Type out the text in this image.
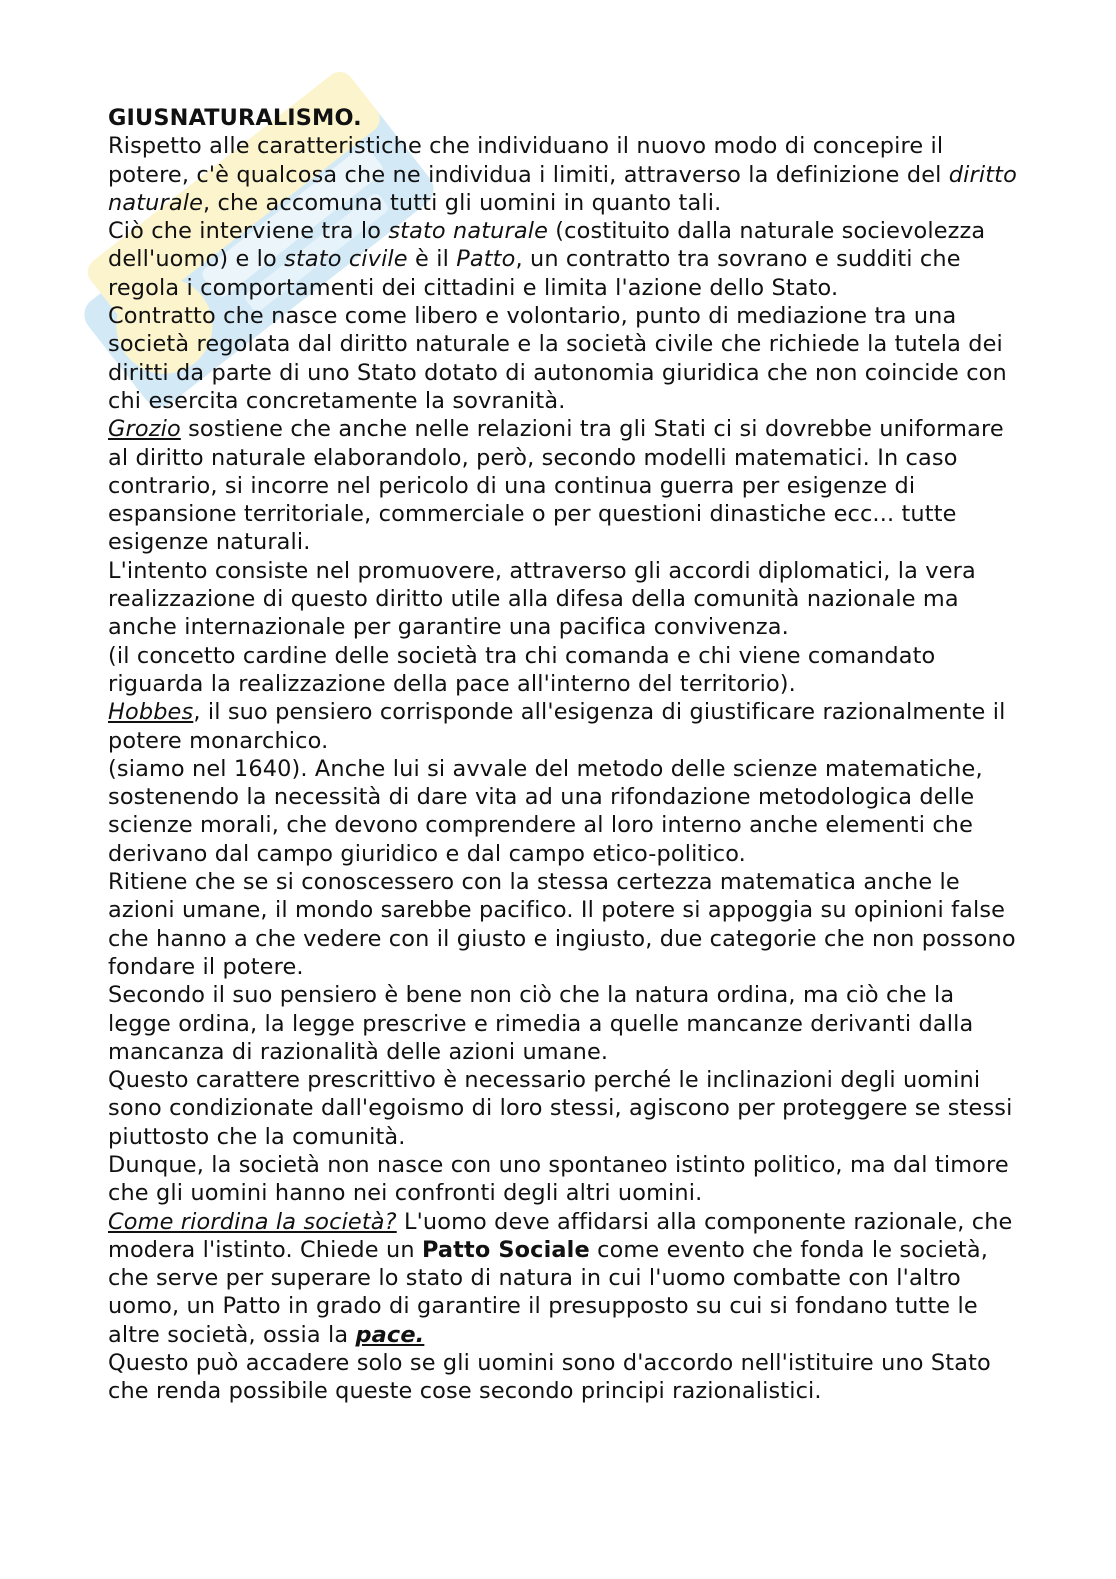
GIUSNATURALISMO.

Rispetto alle caratteristiche che individuano il nuovo modo di concepire il potere, c'è qualcosa che ne individua i limiti, attraverso la definizione del diritto naturale, che accomuna tutti gli uomini in quanto tali.

Ciò che interviene tra lo stato naturale (costituito dalla naturale socievolezza dell'uomo) e lo stato civile è il Patto, un contratto tra sovrano e sudditi che regola i comportamenti dei cittadini e limita l'azione dello Stato.

Contratto che nasce come libero e volontario, punto di mediazione tra una società regolata dal diritto naturale e la società civile che richiede la tutela dei diritti da parte di uno Stato dotato di autonomia giuridica che non coincide con chi esercita concretamente la sovranità.

Grozio sostiene che anche nelle relazioni tra gli Stati ci si dovrebbe uniformare al diritto naturale elaborandolo, però, secondo modelli matematici. In caso contrario, si incorre nel pericolo di una continua guerra per esigenze di espansione territoriale, commerciale o per questioni dinastiche ecc... tutte esigenze naturali.

L'intento consiste nel promuovere, attraverso gli accordi diplomatici, la vera realizzazione di questo diritto utile alla difesa della comunità nazionale ma anche internazionale per garantire una pacifica convivenza.

(il concetto cardine delle società tra chi comanda e chi viene comandato riguarda la realizzazione della pace all'interno del territorio).

Hobbes, il suo pensiero corrisponde all'esigenza di giustificare razionalmente il potere monarchico.

(siamo nel 1640). Anche lui si avvale del metodo delle scienze matematiche, sostenendo la necessità di dare vita ad una rifondazione metodologica delle scienze morali, che devono comprendere al loro interno anche elementi che derivano dal campo giuridico e dal campo etico-politico.

Ritiene che se si conoscessero con la stessa certezza matematica anche le azioni umane, il mondo sarebbe pacifico. Il potere si appoggia su opinioni false che hanno a che vedere con il giusto e ingiusto, due categorie che non possono fondare il potere.

Secondo il suo pensiero è bene non ciò che la natura ordina, ma ciò che la legge ordina, la legge prescrive e rimedia a quelle mancanze derivanti dalla mancanza di razionalità delle azioni umane.

Questo carattere prescrittivo è necessario perché le inclinazioni degli uomini sono condizionate dall'egoismo di loro stessi, agiscono per proteggere se stessi piuttosto che la comunità.

Dunque, la società non nasce con uno spontaneo istinto politico, ma dal timore che gli uomini hanno nei confronti degli altri uomini.

Come riordina la società? L'uomo deve affidarsi alla componente razionale, che modera l'istinto. Chiede un Patto Sociale come evento che fonda le società, che serve per superare lo stato di natura in cui l'uomo combatte con l'altro uomo, un Patto in grado di garantire il presupposto su cui si fondano tutte le altre società, ossia la pace.

Questo può accadere solo se gli uomini sono d'accordo nell'istituire uno Stato che renda possibile queste cose secondo principi razionalistici.
